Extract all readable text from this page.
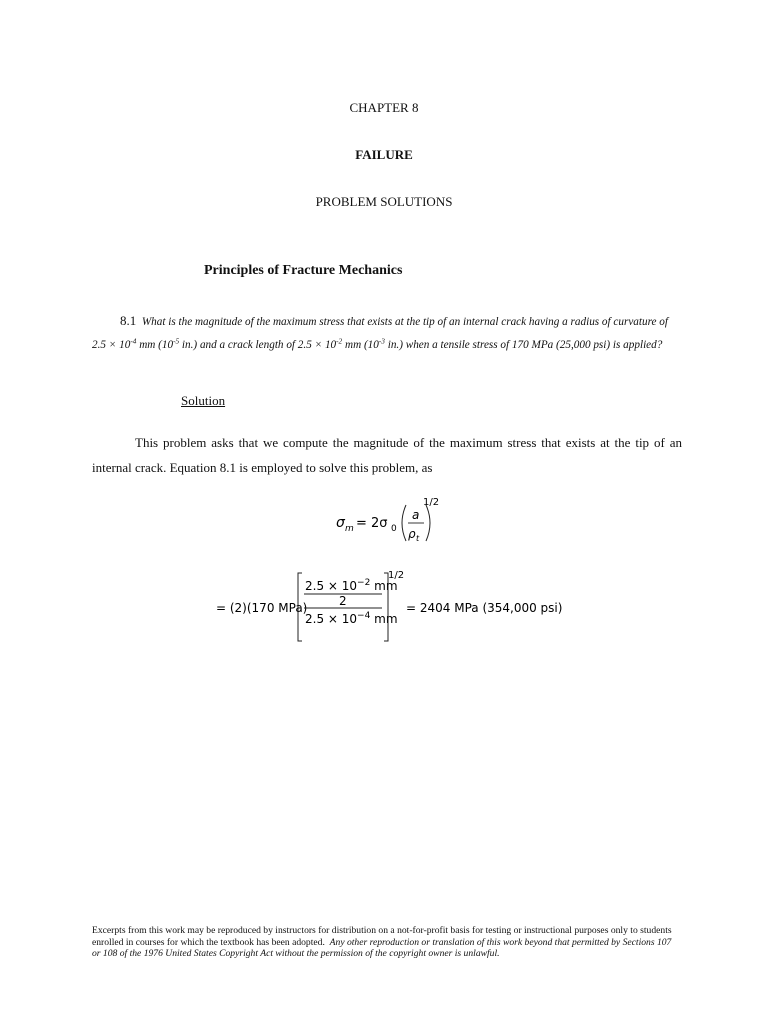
CHAPTER 8
FAILURE
PROBLEM SOLUTIONS
Principles of Fracture Mechanics
8.1 What is the magnitude of the maximum stress that exists at the tip of an internal crack having a radius of curvature of $2.5 \times 10^{-4}$ mm ($10^{-5}$ in.) and a crack length of $2.5 \times 10^{-2}$ mm ($10^{-3}$ in.) when a tensile stress of 170 MPa (25,000 psi) is applied?
Solution
This problem asks that we compute the magnitude of the maximum stress that exists at the tip of an internal crack. Equation 8.1 is employed to solve this problem, as
σ m = 2σ 0
a
ρ t
1/2
= (2)(170 MPa)
$2.5 \times 10^{-2}$ mm
2
$2.5 \times 10^{-4}$ mm
1/2
= 2404 MPa (354,000 psi)
Excerpts from this work may be reproduced by instructors for distribution on a not-for-profit basis for testing or instructional purposes only to students enrolled in courses for which the textbook has been adopted. Any other reproduction or translation of this work beyond that permitted by Sections 107 or 108 of the 1976 United States Copyright Act without the permission of the copyright owner is unlawful.
